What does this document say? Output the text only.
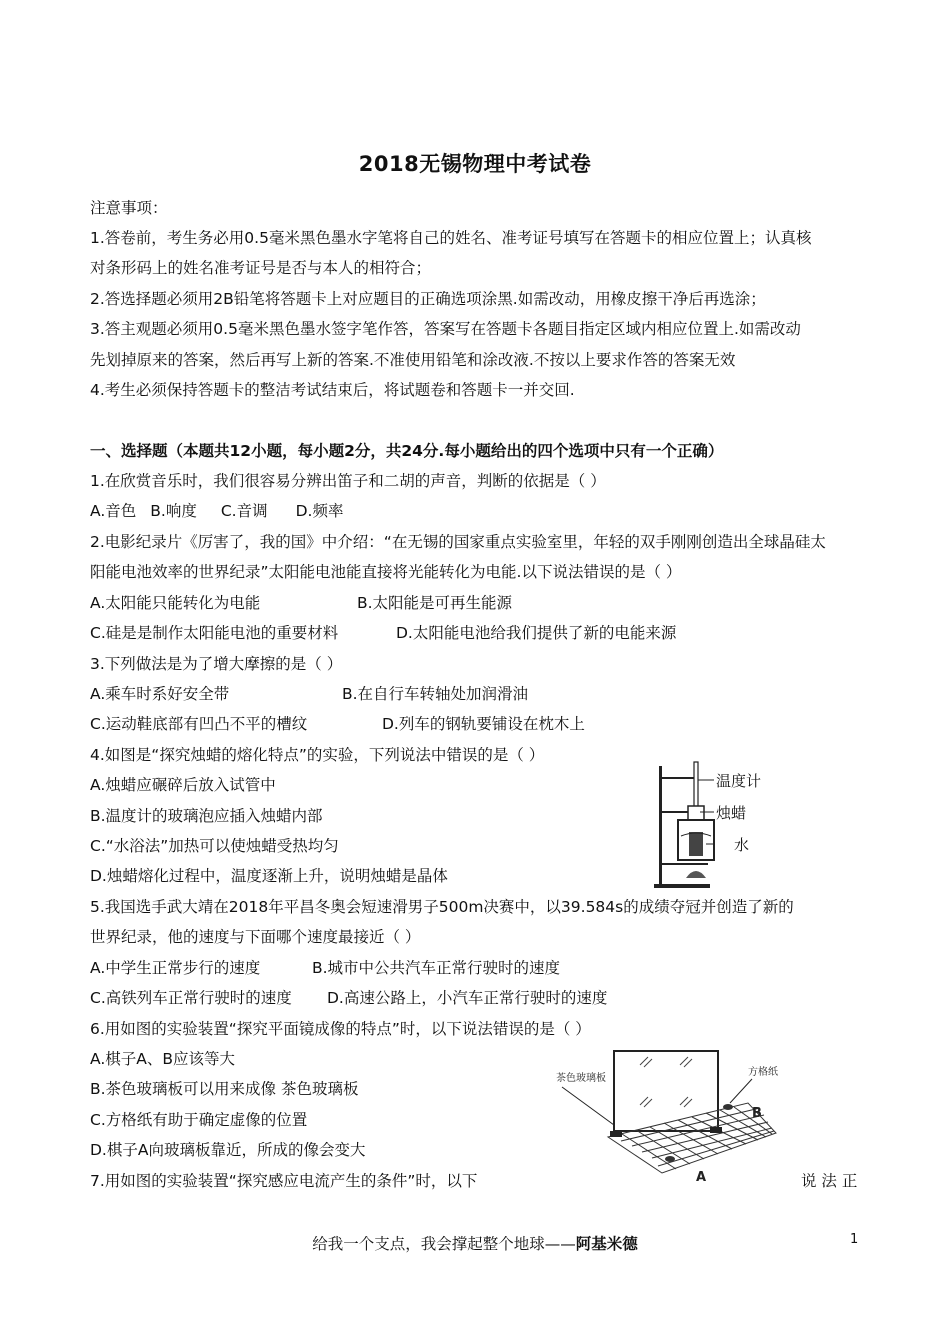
2018无锡物理中考试卷
注意事项：
1.答卷前，考生务必用0.5毫米黑色墨水字笔将自己的姓名、准考证号填写在答题卡的相应位置上；认真核
对条形码上的姓名准考证号是否与本人的相符合；
2.答选择题必须用2B铅笔将答题卡上对应题目的正确选项涂黑.如需改动，用橡皮擦干净后再选涂；
3.答主观题必须用0.5毫米黑色墨水签字笔作答，答案写在答题卡各题目指定区域内相应位置上.如需改动
先划掉原来的答案，然后再写上新的答案.不准使用铅笔和涂改液.不按以上要求作答的答案无效
4.考生必须保持答题卡的整洁考试结束后，将试题卷和答题卡一并交回.
一、选择题（本题共12小题，每小题2分，共24分.每小题给出的四个选项中只有一个正确）
1.在欣赏音乐时，我们很容易分辨出笛子和二胡的声音，判断的依据是（ ）
A.音色 B.响度 C.音调 D.频率
2.电影纪录片《厉害了，我的国》中介绍：“在无锡的国家重点实验室里，年轻的双手刚刚创造出全球晶硅太
阳能电池效率的世界纪录”太阳能电池能直接将光能转化为电能.以下说法错误的是（ ）
A.太阳能只能转化为电能	B.太阳能是可再生能源
C.硅是是制作太阳能电池的重要材料	D.太阳能电池给我们提供了新的电能来源
3.下列做法是为了增大摩擦的是（ ）
A.乘车时系好安全带	B.在自行车转轴处加润滑油
C.运动鞋底部有凹凸不平的槽纹	D.列车的钢轨要铺设在枕木上
4.如图是“探究烛蜡的熔化特点”的实验，下列说法中错误的是（ ）
A.烛蜡应碾碎后放入试管中
B.温度计的玻璃泡应插入烛蜡内部
C.“水浴法”加热可以使烛蜡受热均匀
D.烛蜡熔化过程中，温度逐渐上升，说明烛蜡是晶体
温度计
烛蜡
水
5.我国选手武大靖在2018年平昌冬奥会短速滑男子500m决赛中，以39.584s的成绩夺冠并创造了新的
世界纪录，他的速度与下面哪个速度最接近（ ）
A.中学生正常步行的速度	B.城市中公共汽车正常行驶时的速度
C.高铁列车正常行驶时的速度 D.高速公路上，小汽车正常行驶时的速度
6.用如图的实验装置“探究平面镜成像的特点”时，以下说法错误的是（ ）
A.棋子A、B应该等大
B.茶色玻璃板可以用来成像 茶色玻璃板
C.方格纸有助于确定虚像的位置
D.棋子A向玻璃板靠近，所成的像会变大
茶色玻璃板
方格纸
A
B
7.用如图的实验装置“探究感应电流产生的条件”时，以下	说 法 正
给我一个支点，我会撑起整个地球——阿基米德	1
